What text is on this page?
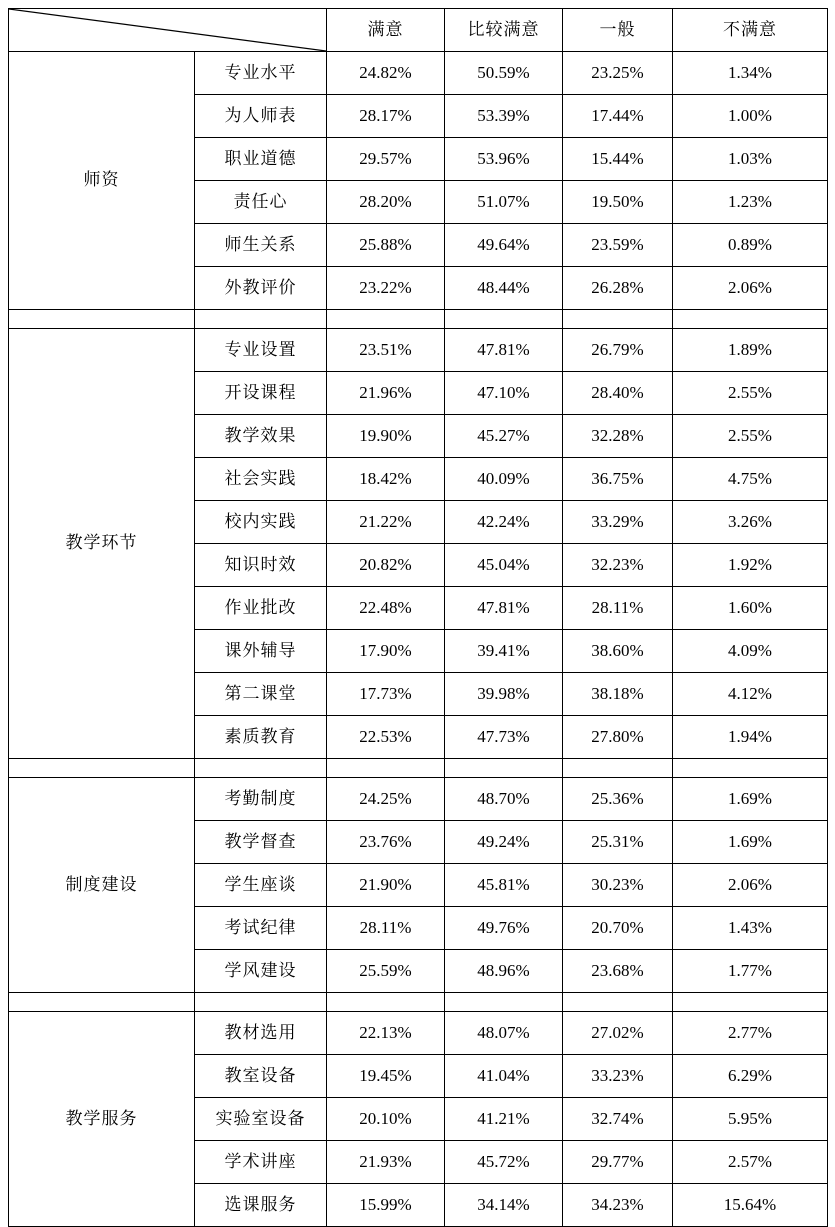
	满意	比较满意	一般	不满意
师资	专业水平	24.82%	50.59%	23.25%	1.34%
	为人师表	28.17%	53.39%	17.44%	1.00%
	职业道德	29.57%	53.96%	15.44%	1.03%
	责任心	28.20%	51.07%	19.50%	1.23%
	师生关系	25.88%	49.64%	23.59%	0.89%
	外教评价	23.22%	48.44%	26.28%	2.06%

教学环节	专业设置	23.51%	47.81%	26.79%	1.89%
	开设课程	21.96%	47.10%	28.40%	2.55%
	教学效果	19.90%	45.27%	32.28%	2.55%
	社会实践	18.42%	40.09%	36.75%	4.75%
	校内实践	21.22%	42.24%	33.29%	3.26%
	知识时效	20.82%	45.04%	32.23%	1.92%
	作业批改	22.48%	47.81%	28.11%	1.60%
	课外辅导	17.90%	39.41%	38.60%	4.09%
	第二课堂	17.73%	39.98%	38.18%	4.12%
	素质教育	22.53%	47.73%	27.80%	1.94%

制度建设	考勤制度	24.25%	48.70%	25.36%	1.69%
	教学督查	23.76%	49.24%	25.31%	1.69%
	学生座谈	21.90%	45.81%	30.23%	2.06%
	考试纪律	28.11%	49.76%	20.70%	1.43%
	学风建设	25.59%	48.96%	23.68%	1.77%

教学服务	教材选用	22.13%	48.07%	27.02%	2.77%
	教室设备	19.45%	41.04%	33.23%	6.29%
	实验室设备	20.10%	41.21%	32.74%	5.95%
	学术讲座	21.93%	45.72%	29.77%	2.57%
	选课服务	15.99%	34.14%	34.23%	15.64%
